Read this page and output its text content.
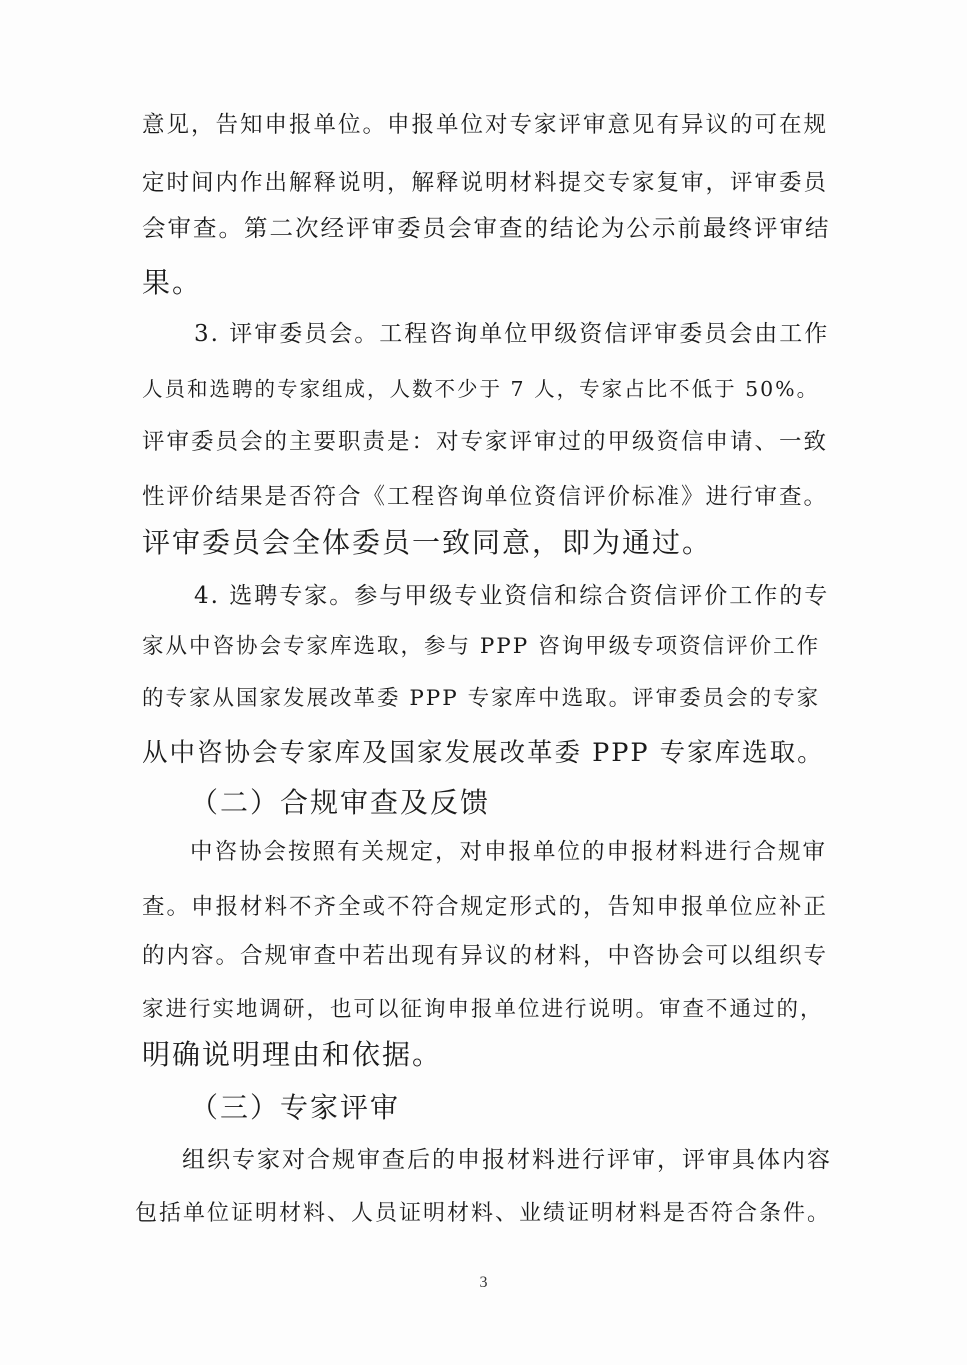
意见，告知申报单位。申报单位对专家评审意见有异议的可在规
定时间内作出解释说明，解释说明材料提交专家复审，评审委员
会审查。第二次经评审委员会审查的结论为公示前最终评审结
果。
3. 评审委员会。工程咨询单位甲级资信评审委员会由工作
人员和选聘的专家组成，人数不少于 7 人，专家占比不低于 50%。
评审委员会的主要职责是：对专家评审过的甲级资信申请、一致
性评价结果是否符合《工程咨询单位资信评价标准》进行审查。
评审委员会全体委员一致同意，即为通过。
4. 选聘专家。参与甲级专业资信和综合资信评价工作的专
家从中咨协会专家库选取，参与 PPP 咨询甲级专项资信评价工作
的专家从国家发展改革委 PPP 专家库中选取。评审委员会的专家
从中咨协会专家库及国家发展改革委 PPP 专家库选取。
（二）合规审查及反馈
中咨协会按照有关规定，对申报单位的申报材料进行合规审
查。申报材料不齐全或不符合规定形式的，告知申报单位应补正
的内容。合规审查中若出现有异议的材料，中咨协会可以组织专
家进行实地调研，也可以征询申报单位进行说明。审查不通过的，
明确说明理由和依据。
（三）专家评审
组织专家对合规审查后的申报材料进行评审，评审具体内容
包括单位证明材料、人员证明材料、业绩证明材料是否符合条件。
3
